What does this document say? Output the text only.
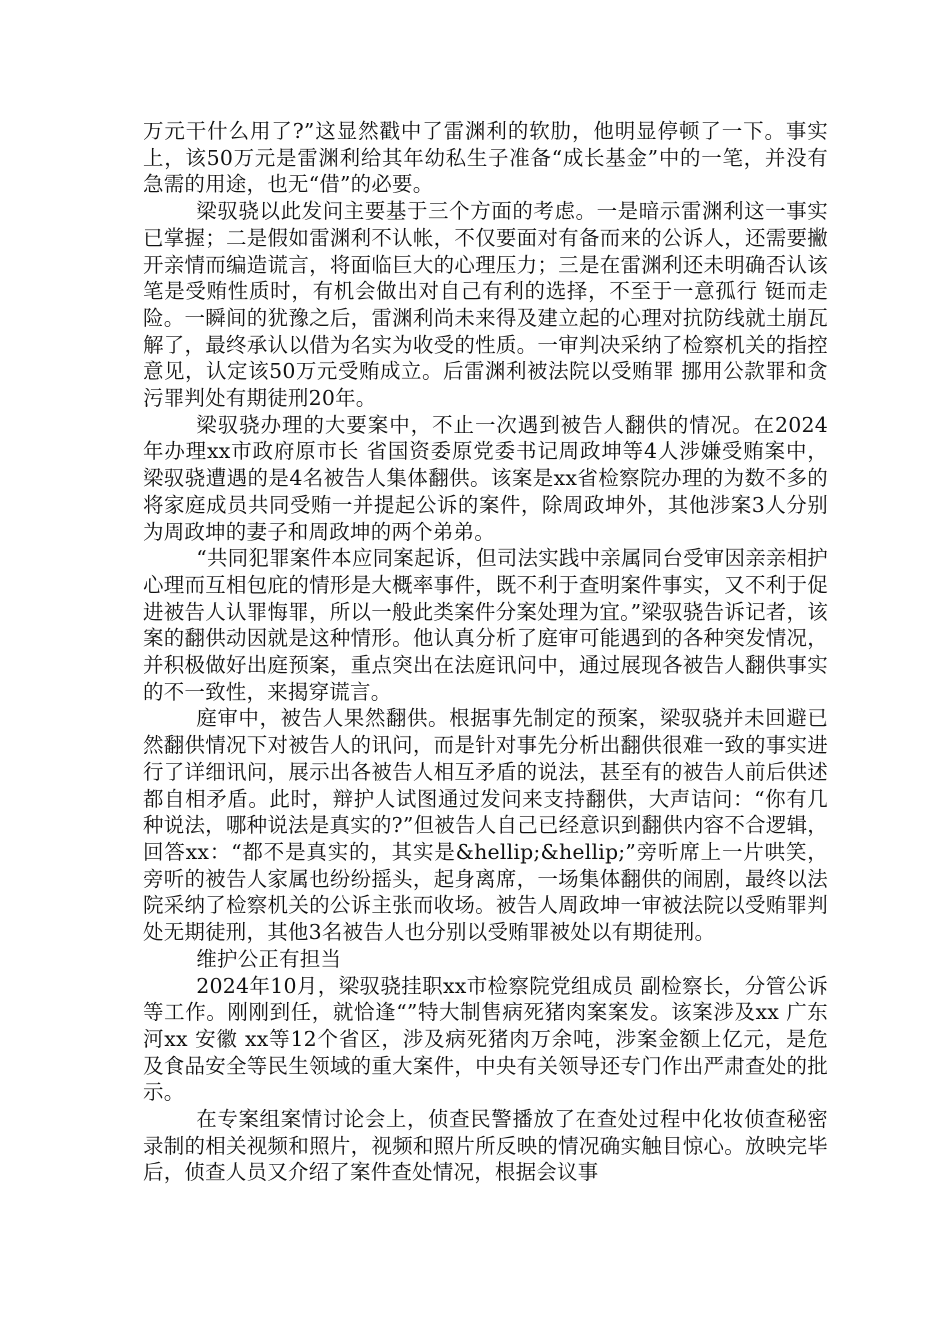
万元干什么用了?”这显然戳中了雷渊利的软肋，他明显停顿了一下。事实上，该50万元是雷渊利给其年幼私生子准备“成长基金”中的一笔，并没有急需的用途，也无“借”的必要。

梁驭骁以此发问主要基于三个方面的考虑。一是暗示雷渊利这一事实已掌握；二是假如雷渊利不认帐，不仅要面对有备而来的公诉人，还需要撇开亲情而编造谎言，将面临巨大的心理压力；三是在雷渊利还未明确否认该笔是受贿性质时，有机会做出对自己有利的选择，不至于一意孤行 铤而走险。一瞬间的犹豫之后，雷渊利尚未来得及建立起的心理对抗防线就土崩瓦解了，最终承认以借为名实为收受的性质。一审判决采纳了检察机关的指控意见，认定该50万元受贿成立。后雷渊利被法院以受贿罪 挪用公款罪和贪污罪判处有期徒刑20年。

梁驭骁办理的大要案中，不止一次遇到被告人翻供的情况。在2024年办理xx市政府原市长 省国资委原党委书记周政坤等4人涉嫌受贿案中，梁驭骁遭遇的是4名被告人集体翻供。该案是xx省检察院办理的为数不多的将家庭成员共同受贿一并提起公诉的案件，除周政坤外，其他涉案3人分别为周政坤的妻子和周政坤的两个弟弟。

“共同犯罪案件本应同案起诉，但司法实践中亲属同台受审因亲亲相护心理而互相包庇的情形是大概率事件，既不利于查明案件事实，又不利于促进被告人认罪悔罪，所以一般此类案件分案处理为宜。”梁驭骁告诉记者，该案的翻供动因就是这种情形。他认真分析了庭审可能遇到的各种突发情况，并积极做好出庭预案，重点突出在法庭讯问中，通过展现各被告人翻供事实的不一致性，来揭穿谎言。

庭审中，被告人果然翻供。根据事先制定的预案，梁驭骁并未回避已然翻供情况下对被告人的讯问，而是针对事先分析出翻供很难一致的事实进行了详细讯问，展示出各被告人相互矛盾的说法，甚至有的被告人前后供述都自相矛盾。此时，辩护人试图通过发问来支持翻供，大声诘问：“你有几种说法，哪种说法是真实的?”但被告人自己已经意识到翻供内容不合逻辑，回答xx：“都不是真实的，其实是&hellip;&hellip;”旁听席上一片哄笑，旁听的被告人家属也纷纷摇头，起身离席，一场集体翻供的闹剧，最终以法院采纳了检察机关的公诉主张而收场。被告人周政坤一审被法院以受贿罪判处无期徒刑，其他3名被告人也分别以受贿罪被处以有期徒刑。

维护公正有担当

2024年10月，梁驭骁挂职xx市检察院党组成员 副检察长，分管公诉等工作。刚刚到任，就恰逢“”特大制售病死猪肉案案发。该案涉及xx 广东 河xx 安徽 xx等12个省区，涉及病死猪肉万余吨，涉案金额上亿元，是危及食品安全等民生领域的重大案件，中央有关领导还专门作出严肃查处的批示。

在专案组案情讨论会上，侦查民警播放了在查处过程中化妆侦查秘密录制的相关视频和照片，视频和照片所反映的情况确实触目惊心。放映完毕后，侦查人员又介绍了案件查处情况，根据会议事
